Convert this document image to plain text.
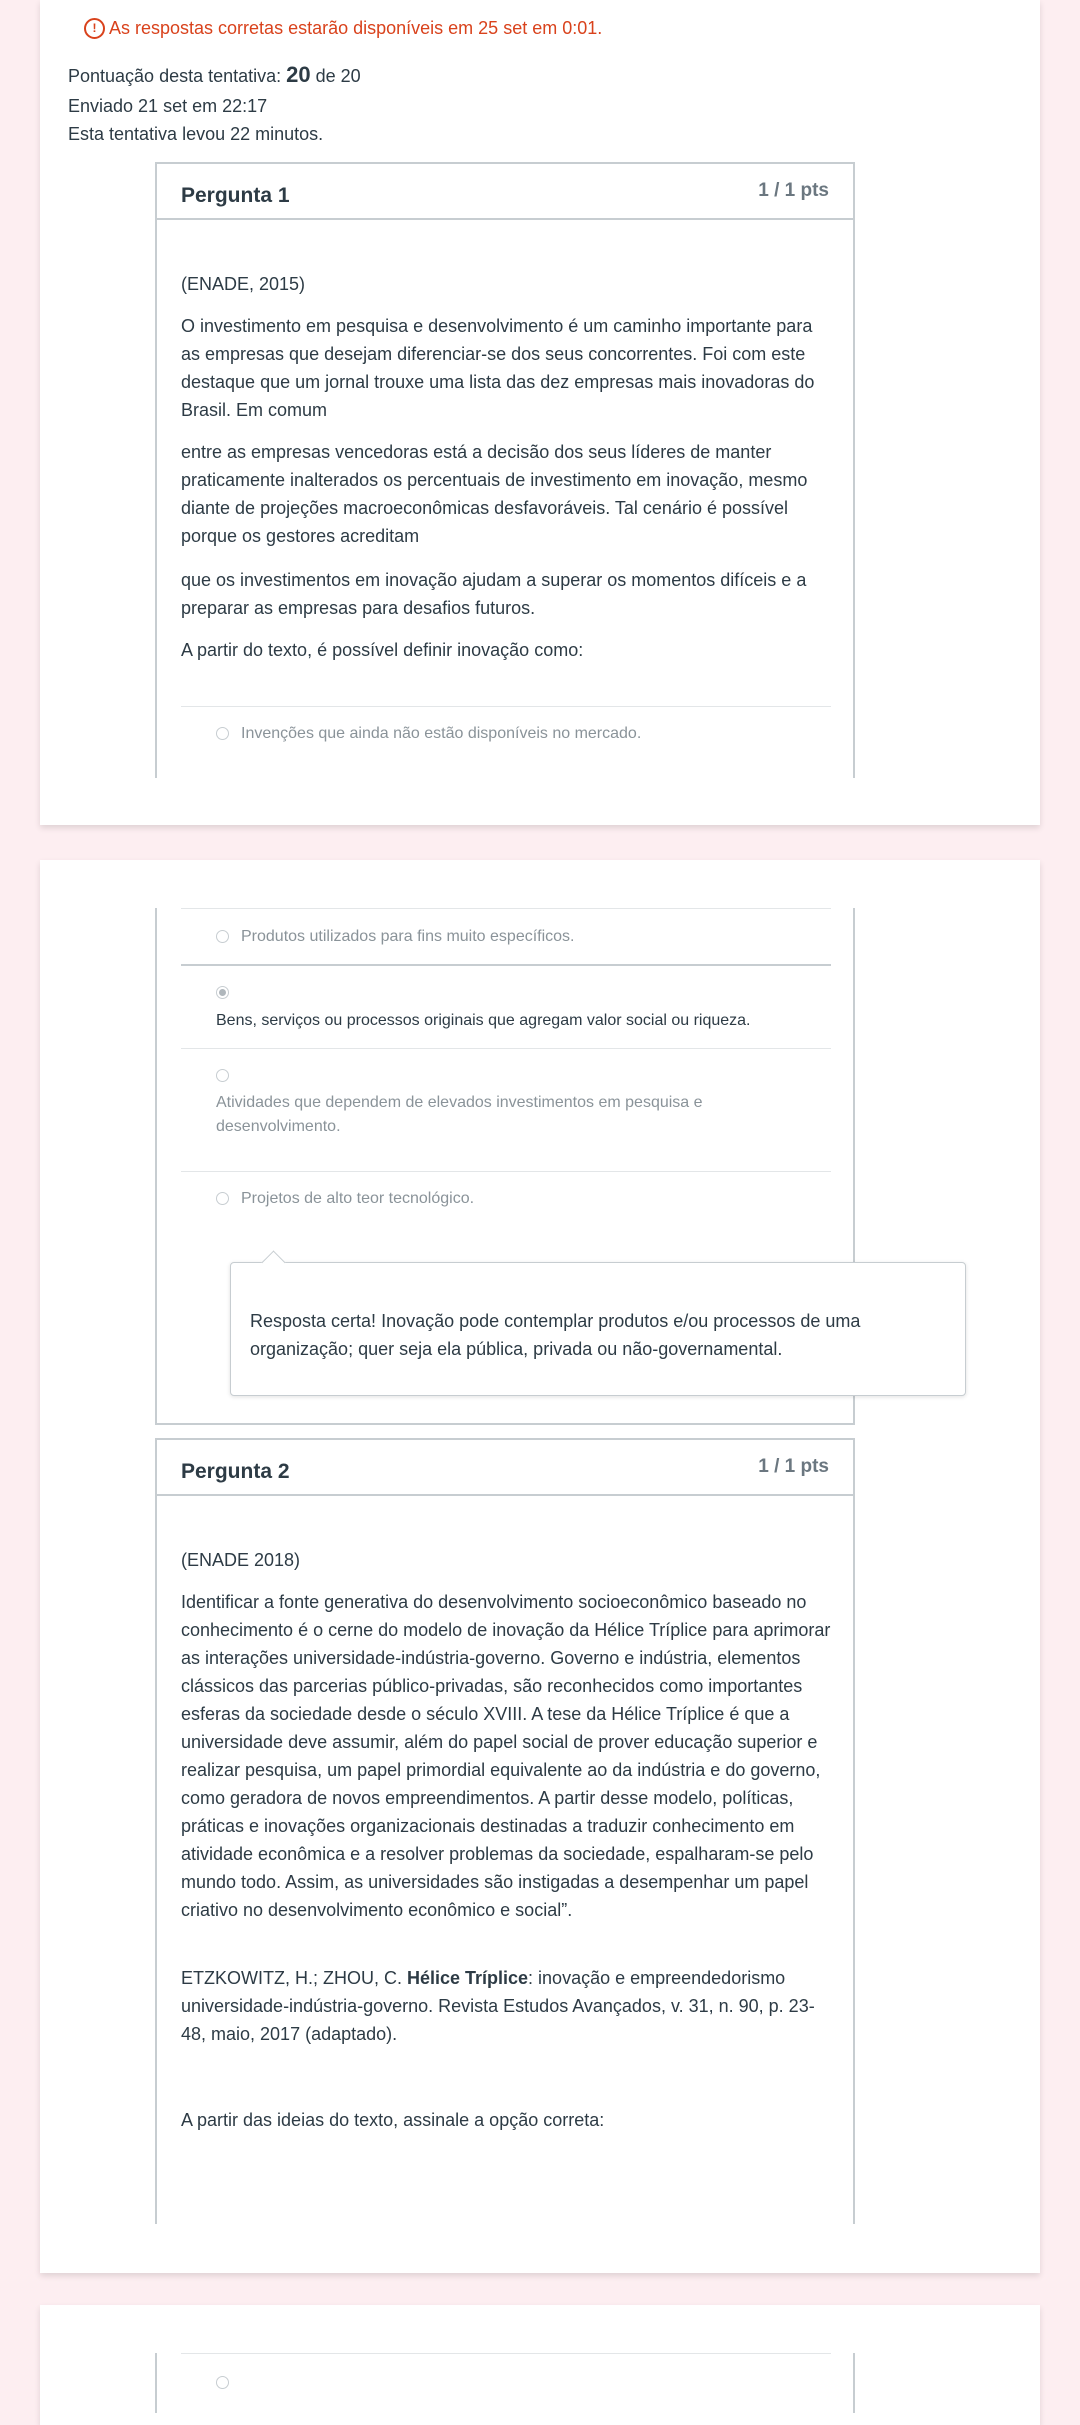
! As respostas corretas estarão disponíveis em 25 set em 0:01.
Pontuação desta tentativa: 20 de 20
Enviado 21 set em 22:17
Esta tentativa levou 22 minutos.
Pergunta 1	1 / 1 pts

(ENADE, 2015)

O investimento em pesquisa e desenvolvimento é um caminho importante para as empresas que desejam diferenciar-se dos seus concorrentes. Foi com este destaque que um jornal trouxe uma lista das dez empresas mais inovadoras do Brasil. Em comum

entre as empresas vencedoras está a decisão dos seus líderes de manter praticamente inalterados os percentuais de investimento em inovação, mesmo diante de projeções macroeconômicas desfavoráveis. Tal cenário é possível porque os gestores acreditam

que os investimentos em inovação ajudam a superar os momentos difíceis e a preparar as empresas para desafios futuros.

A partir do texto, é possível definir inovação como:

Invenções que ainda não estão disponíveis no mercado.
Produtos utilizados para fins muito específicos.
Bens, serviços ou processos originais que agregam valor social ou riqueza.
Atividades que dependem de elevados investimentos em pesquisa e desenvolvimento.
Projetos de alto teor tecnológico.

Resposta certa! Inovação pode contemplar produtos e/ou processos de uma organização; quer seja ela pública, privada ou não-governamental.

Pergunta 2	1 / 1 pts

(ENADE 2018)

Identificar a fonte generativa do desenvolvimento socioeconômico baseado no conhecimento é o cerne do modelo de inovação da Hélice Tríplice para aprimorar as interações universidade-indústria-governo. Governo e indústria, elementos clássicos das parcerias público-privadas, são reconhecidos como importantes esferas da sociedade desde o século XVIII. A tese da Hélice Tríplice é que a universidade deve assumir, além do papel social de prover educação superior e realizar pesquisa, um papel primordial equivalente ao da indústria e do governo, como geradora de novos empreendimentos. A partir desse modelo, políticas, práticas e inovações organizacionais destinadas a traduzir conhecimento em atividade econômica e a resolver problemas da sociedade, espalharam-se pelo mundo todo. Assim, as universidades são instigadas a desempenhar um papel criativo no desenvolvimento econômico e social”.

ETZKOWITZ, H.; ZHOU, C. Hélice Tríplice: inovação e empreendedorismo universidade-indústria-governo. Revista Estudos Avançados, v. 31, n. 90, p. 23-48, maio, 2017 (adaptado).

A partir das ideias do texto, assinale a opção correta:
